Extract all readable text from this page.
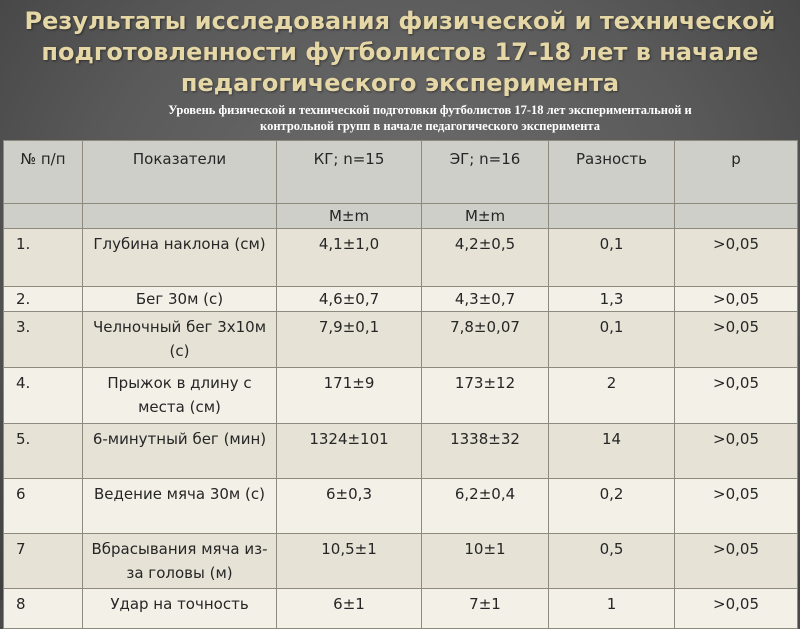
Результаты исследования физической и технической
подготовленности футболистов 17-18 лет в начале
педагогического эксперимента
Уровень физической и технической подготовки футболистов 17-18 лет экспериментальной и
контрольной групп в начале педагогического эксперимента
№ п/п	Показатели	КГ; n=15	ЭГ; n=16	Разность	p
		M±m	M±m		
1.	Глубина наклона (см)	4,1±1,0	4,2±0,5	0,1	>0,05
2.	Бег 30м (с)	4,6±0,7	4,3±0,7	1,3	>0,05
3.	Челночный бег 3х10м (с)	7,9±0,1	7,8±0,07	0,1	>0,05
4.	Прыжок в длину с места (см)	171±9	173±12	2	>0,05
5.	6-минутный бег (мин)	1324±101	1338±32	14	>0,05
6	Ведение мяча 30м (с)	6±0,3	6,2±0,4	0,2	>0,05
7	Вбрасывания мяча из-за головы (м)	10,5±1	10±1	0,5	>0,05
8	Удар на точность	6±1	7±1	1	>0,05
